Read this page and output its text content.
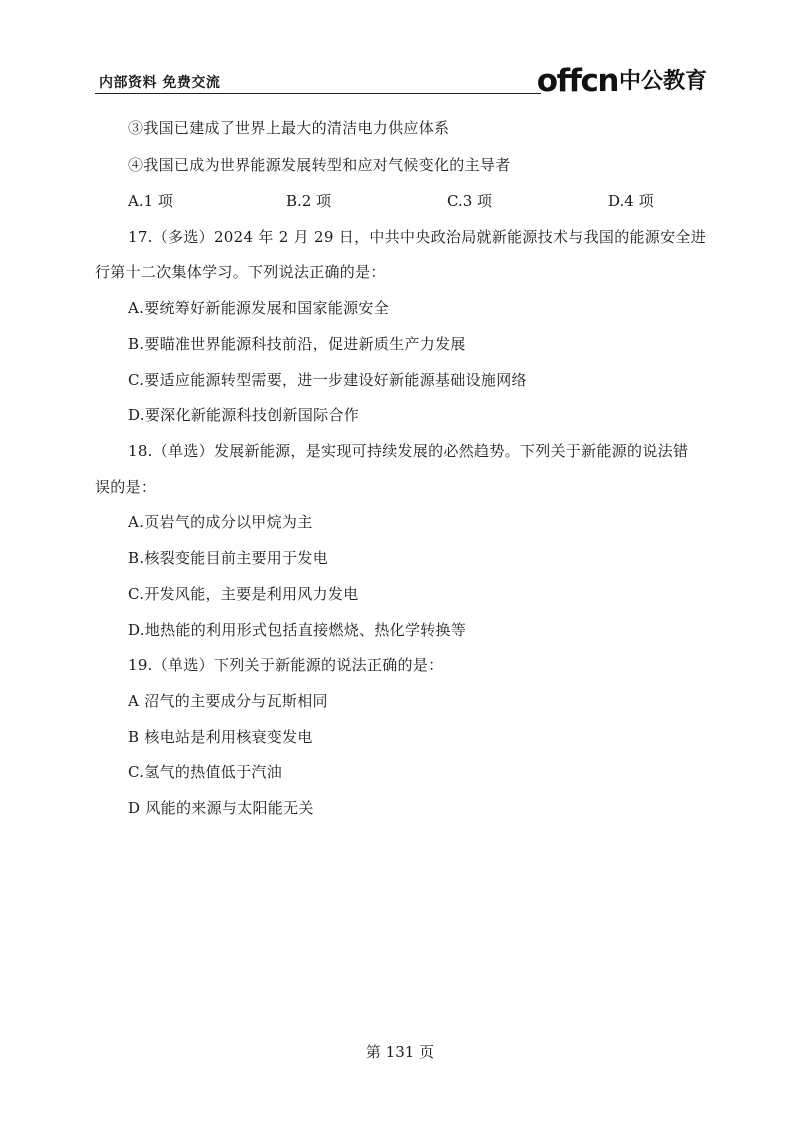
内部资料 免费交流	offcn 中公教育
③我国已建成了世界上最大的清洁电力供应体系
④我国已成为世界能源发展转型和应对气候变化的主导者
A.1 项	B.2 项	C.3 项	D.4 项
17.（多选）2024 年 2 月 29 日，中共中央政治局就新能源技术与我国的能源安全进
行第十二次集体学习。下列说法正确的是：
A.要统筹好新能源发展和国家能源安全
B.要瞄准世界能源科技前沿，促进新质生产力发展
C.要适应能源转型需要，进一步建设好新能源基础设施网络
D.要深化新能源科技创新国际合作
18.（单选）发展新能源，是实现可持续发展的必然趋势。下列关于新能源的说法错
误的是：
A.页岩气的成分以甲烷为主
B.核裂变能目前主要用于发电
C.开发风能，主要是利用风力发电
D.地热能的利用形式包括直接燃烧、热化学转换等
19.（单选）下列关于新能源的说法正确的是：
A 沼气的主要成分与瓦斯相同
B 核电站是利用核衰变发电
C.氢气的热值低于汽油
D 风能的来源与太阳能无关
第 131 页
